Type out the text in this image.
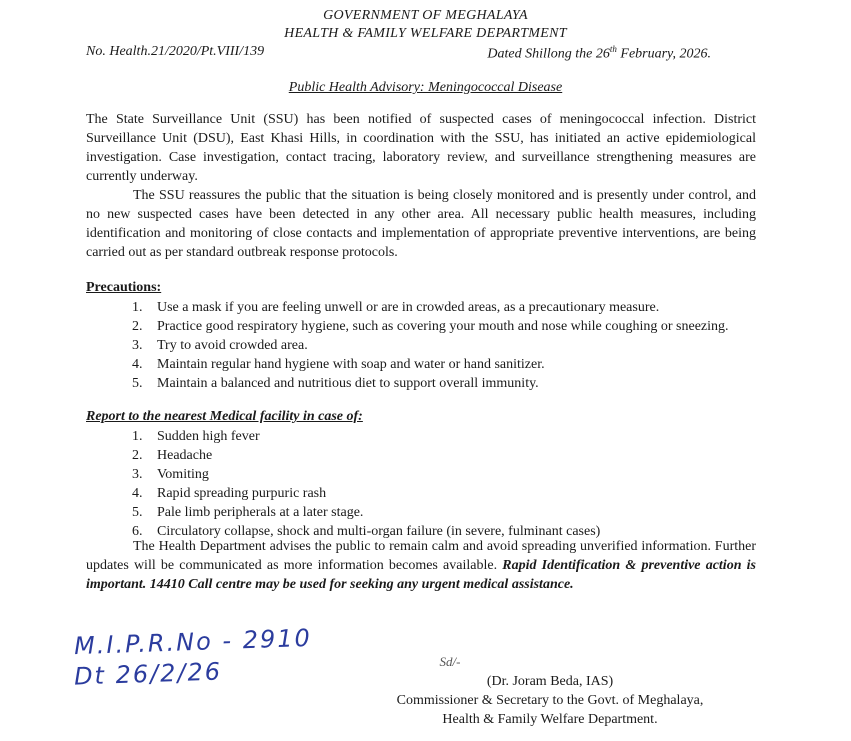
GOVERNMENT OF MEGHALAYA
HEALTH & FAMILY WELFARE DEPARTMENT
No. Health.21/2020/Pt.VIII/139	Dated Shillong the 26th February, 2026.
Public Health Advisory: Meningococcal Disease
The State Surveillance Unit (SSU) has been notified of suspected cases of meningococcal infection. District Surveillance Unit (DSU), East Khasi Hills, in coordination with the SSU, has initiated an active epidemiological investigation. Case investigation, contact tracing, laboratory review, and surveillance strengthening measures are currently underway.
The SSU reassures the public that the situation is being closely monitored and is presently under control, and no new suspected cases have been detected in any other area. All necessary public health measures, including identification and monitoring of close contacts and implementation of appropriate preventive interventions, are being carried out as per standard outbreak response protocols.
Precautions:
1.	Use a mask if you are feeling unwell or are in crowded areas, as a precautionary measure.
2.	Practice good respiratory hygiene, such as covering your mouth and nose while coughing or sneezing.
3.	Try to avoid crowded area.
4.	Maintain regular hand hygiene with soap and water or hand sanitizer.
5.	Maintain a balanced and nutritious diet to support overall immunity.
Report to the nearest Medical facility in case of:
1.	Sudden high fever
2.	Headache
3.	Vomiting
4.	Rapid spreading purpuric rash
5.	Pale limb peripherals at a later stage.
6.	Circulatory collapse, shock and multi-organ failure (in severe, fulminant cases)
The Health Department advises the public to remain calm and avoid spreading unverified information. Further updates will be communicated as more information becomes available. Rapid Identification & preventive action is important. 14410 Call centre may be used for seeking any urgent medical assistance.
M.I.P.R.No - 2910
Dt 26/2/26	Sd/-
(Dr. Joram Beda, IAS)
Commissioner & Secretary to the Govt. of Meghalaya,
Health & Family Welfare Department.
